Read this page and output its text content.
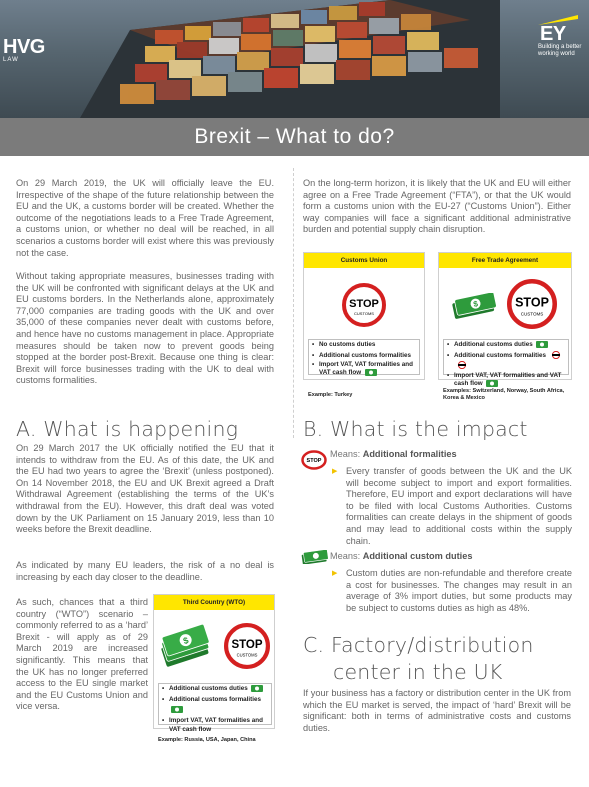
HVG
LAW
EY
Building a better working world
Brexit – What to do?
On 29 March 2019, the UK will officially leave the EU. Irrespective of the shape of the future relationship between the EU and the UK, a customs border will be created. Whether the outcome of the negotiations leads to a Free Trade Agreement, a customs union, or whether no deal will be reached, in all scenarios a customs border will exist where this was previously not the case.
Without taking appropriate measures, businesses trading with the UK will be confronted with significant delays at the UK and EU customs borders. In the Netherlands alone, approximately 77,000 companies are trading goods with the UK and over 35,000 of these companies never dealt with customs before, and hence have no customs management in place. Appropriate measures should be taken now to prevent goods being stopped at the border post-Brexit. Because one thing is clear: Brexit will force businesses trading with the UK to deal with customs formalities.
On the long-term horizon, it is likely that the UK and EU will either agree on a Free Trade Agreement (“FTA”), or that the UK would form a customs union with the EU-27 (“Customs Union”). Either way companies will face a significant additional administrative burden and potential supply chain disruption.
Customs Union
STOP
CUSTOMS
• No customs duties
• Additional customs formalities
• Import VAT, VAT formalities and VAT cash flow
Example: Turkey
Free Trade Agreement
$	STOP
CUSTOMS
• Additional customs duties
• Additional customs formalities
• Import VAT, VAT formalities and VAT cash flow
Examples: Switzerland, Norway, South Africa, Korea & Mexico
A. What is happening
On 29 March 2017 the UK officially notified the EU that it intends to withdraw from the EU. As of this date, the UK and the EU had two years to agree the ‘Brexit’ (unless postponed). On 14 November 2018, the EU and UK Brexit agreed a Draft Withdrawal Agreement (establishing the terms of the UK’s withdrawal from the EU). However, this draft deal was voted down by the UK Parliament on 15 January 2019, less than 10 weeks before the Brexit deadline.
As indicated by many EU leaders, the risk of a no deal is increasing by each day closer to the deadline.
As such, chances that a third country (“WTO”) scenario – commonly referred to as a ‘hard’ Brexit - will apply as of 29 March 2019 are increased significantly. This means that the UK has no longer preferred access to the EU single market and the EU Customs Union and vice versa.
Third Country (WTO)
$	STOP
CUSTOMS
• Additional customs duties
• Additional customs formalities
• Import VAT, VAT formalities and VAT cash flow
Example: Russia, USA, Japan, China
B. What is the impact
STOP
Means: Additional formalities
▶ Every transfer of goods between the UK and the UK will become subject to import and export formalities. Therefore, EU import and export declarations will have to be filed with local Customs Authorities. Customs formalities can create delays in the shipment of goods and may lead to additional costs within the supply chain.
Means: Additional custom duties
▶ Custom duties are non-refundable and therefore create a cost for businesses. The changes may result in an average of 3% import duties, but some products may be subject to customs duties as high as 48%.
C. Factory/distribution
center in the UK
If your business has a factory or distribution center in the UK from which the EU market is served, the impact of ‘hard’ Brexit will be significant: both in terms of administrative costs and customs duties.
